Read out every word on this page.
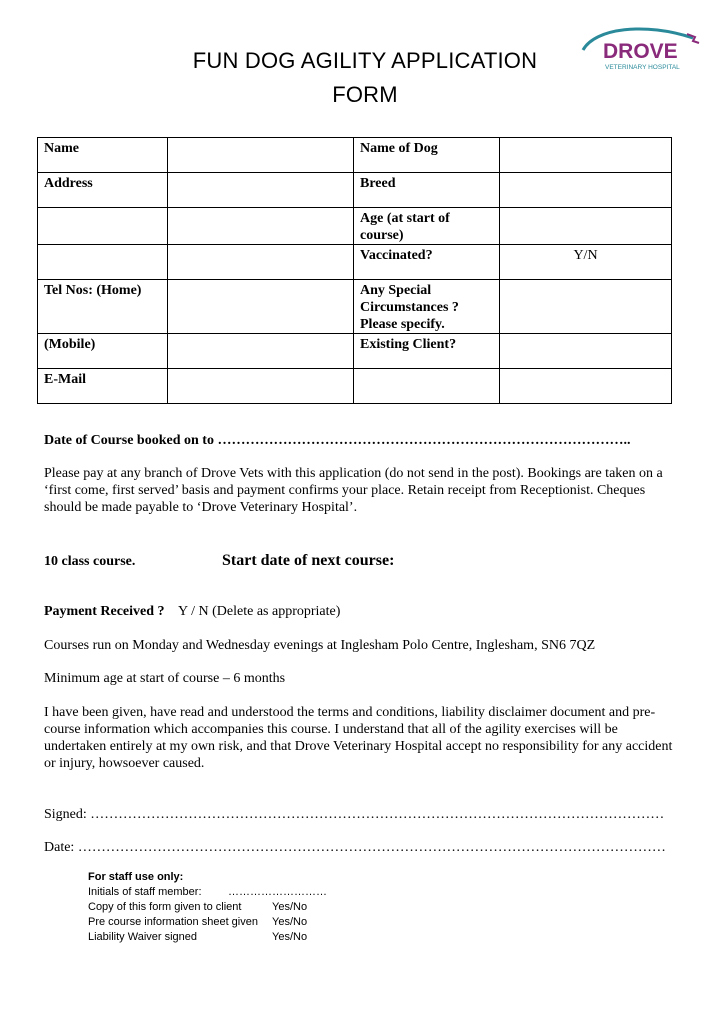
FUN DOG AGILITY APPLICATION
FORM
DROVE
VETERINARY HOSPITAL
Name		Name of Dog	
Address		Breed	
		Age (at start of course)	
		Vaccinated?	Y/N
Tel Nos: (Home)		Any Special Circumstances ? Please specify.	
(Mobile)		Existing Client?	
E-Mail			
Date of Course booked on to ……………………………………………………………………………..
Please pay at any branch of Drove Vets with this application (do not send in the post). Bookings are taken on a ‘first come, first served’ basis and payment confirms your place. Retain receipt from Receptionist. Cheques should be made payable to ‘Drove Veterinary Hospital’.
10 class course.	Start date of next course:
Payment Received ? Y / N (Delete as appropriate)
Courses run on Monday and Wednesday evenings at Inglesham Polo Centre, Inglesham, SN6 7QZ
Minimum age at start of course – 6 months
I have been given, have read and understood the terms and conditions, liability disclaimer document and pre-course information which accompanies this course. I understand that all of the agility exercises will be undertaken entirely at my own risk, and that Drove Veterinary Hospital accept no responsibility for any accident or injury, howsoever caused.
Signed: ……………………………………………………………………………………………………………
Date: ………………………………………………………………………………………………………………
For staff use only:
Initials of staff member:	………………………
Copy of this form given to client	Yes/No
Pre course information sheet given	Yes/No
Liability Waiver signed	Yes/No
